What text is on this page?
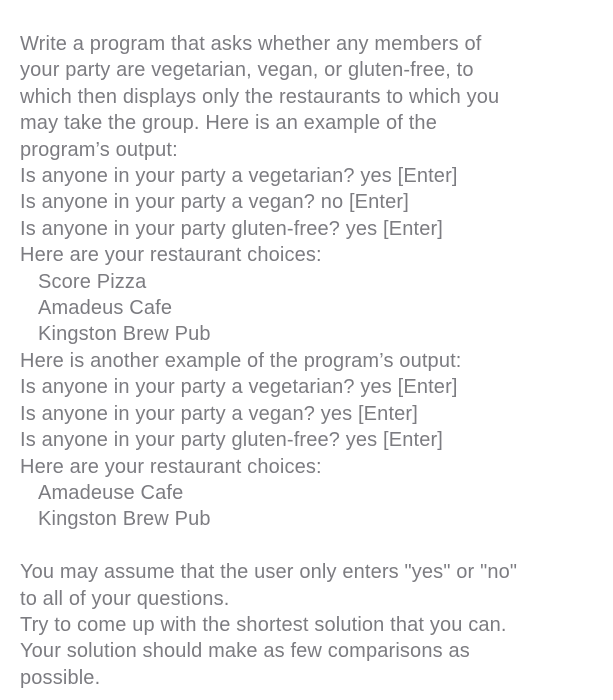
Write a program that asks whether any members of
your party are vegetarian, vegan, or gluten-free, to
which then displays only the restaurants to which you
may take the group. Here is an example of the
program’s output:
Is anyone in your party a vegetarian? yes [Enter]
Is anyone in your party a vegan? no [Enter]
Is anyone in your party gluten-free? yes [Enter]
Here are your restaurant choices:
Score Pizza
Amadeus Cafe
Kingston Brew Pub
Here is another example of the program’s output:
Is anyone in your party a vegetarian? yes [Enter]
Is anyone in your party a vegan? yes [Enter]
Is anyone in your party gluten-free? yes [Enter]
Here are your restaurant choices:
Amadeuse Cafe
Kingston Brew Pub
You may assume that the user only enters "yes" or "no"
to all of your questions.
Try to come up with the shortest solution that you can.
Your solution should make as few comparisons as
possible.
